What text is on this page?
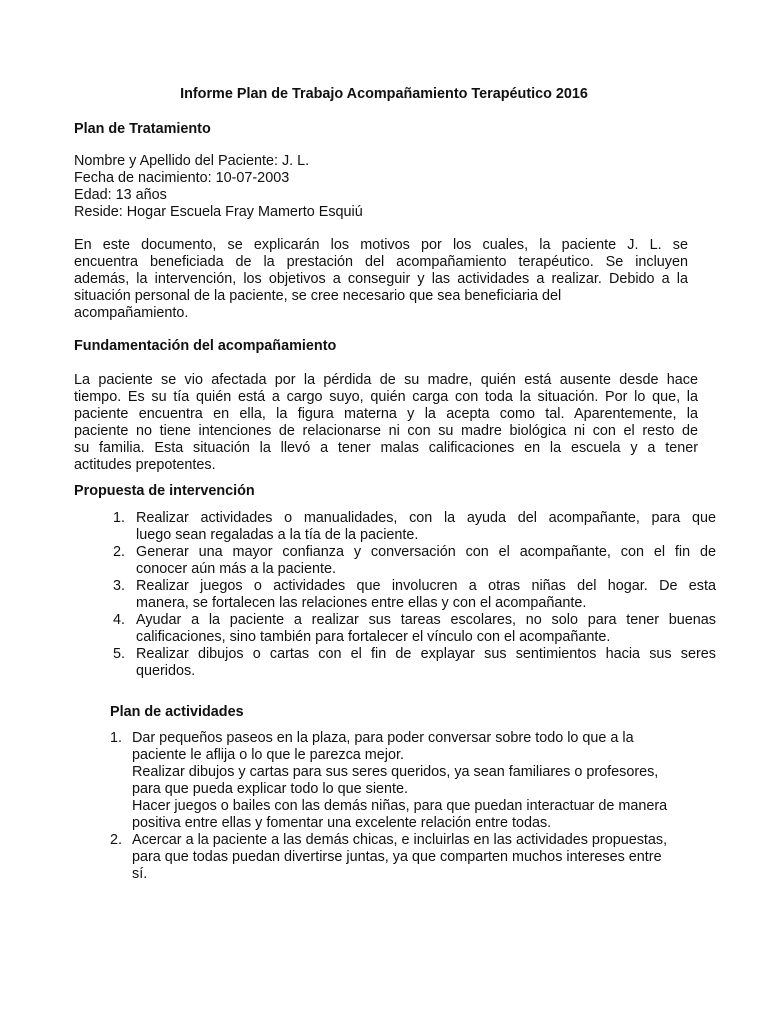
Informe Plan de Trabajo Acompañamiento Terapéutico 2016
Plan de Tratamiento
Nombre y Apellido del Paciente: J. L.
Fecha de nacimiento: 10-07-2003
Edad: 13 años
Reside: Hogar Escuela Fray Mamerto Esquiú
En este documento, se explicarán los motivos por los cuales, la paciente J. L. se
encuentra beneficiada de la prestación del acompañamiento terapéutico. Se incluyen
además, la intervención, los objetivos a conseguir y las actividades a realizar. Debido a la
situación personal de la paciente, se cree necesario que sea beneficiaria del
acompañamiento.
Fundamentación del acompañamiento
La paciente se vio afectada por la pérdida de su madre, quién está ausente desde hace
tiempo. Es su tía quién está a cargo suyo, quién carga con toda la situación. Por lo que, la
paciente encuentra en ella, la figura materna y la acepta como tal. Aparentemente, la
paciente no tiene intenciones de relacionarse ni con su madre biológica ni con el resto de
su familia. Esta situación la llevó a tener malas calificaciones en la escuela y a tener
actitudes prepotentes.
Propuesta de intervención
1. Realizar actividades o manualidades, con la ayuda del acompañante, para que
luego sean regaladas a la tía de la paciente.
2. Generar una mayor confianza y conversación con el acompañante, con el fin de
conocer aún más a la paciente.
3. Realizar juegos o actividades que involucren a otras niñas del hogar. De esta
manera, se fortalecen las relaciones entre ellas y con el acompañante.
4. Ayudar a la paciente a realizar sus tareas escolares, no solo para tener buenas
calificaciones, sino también para fortalecer el vínculo con el acompañante.
5. Realizar dibujos o cartas con el fin de explayar sus sentimientos hacia sus seres
queridos.
Plan de actividades
1. Dar pequeños paseos en la plaza, para poder conversar sobre todo lo que a la
paciente le aflija o lo que le parezca mejor.
Realizar dibujos y cartas para sus seres queridos, ya sean familiares o profesores,
para que pueda explicar todo lo que siente.
Hacer juegos o bailes con las demás niñas, para que puedan interactuar de manera
positiva entre ellas y fomentar una excelente relación entre todas.
2. Acercar a la paciente a las demás chicas, e incluirlas en las actividades propuestas,
para que todas puedan divertirse juntas, ya que comparten muchos intereses entre
sí.
